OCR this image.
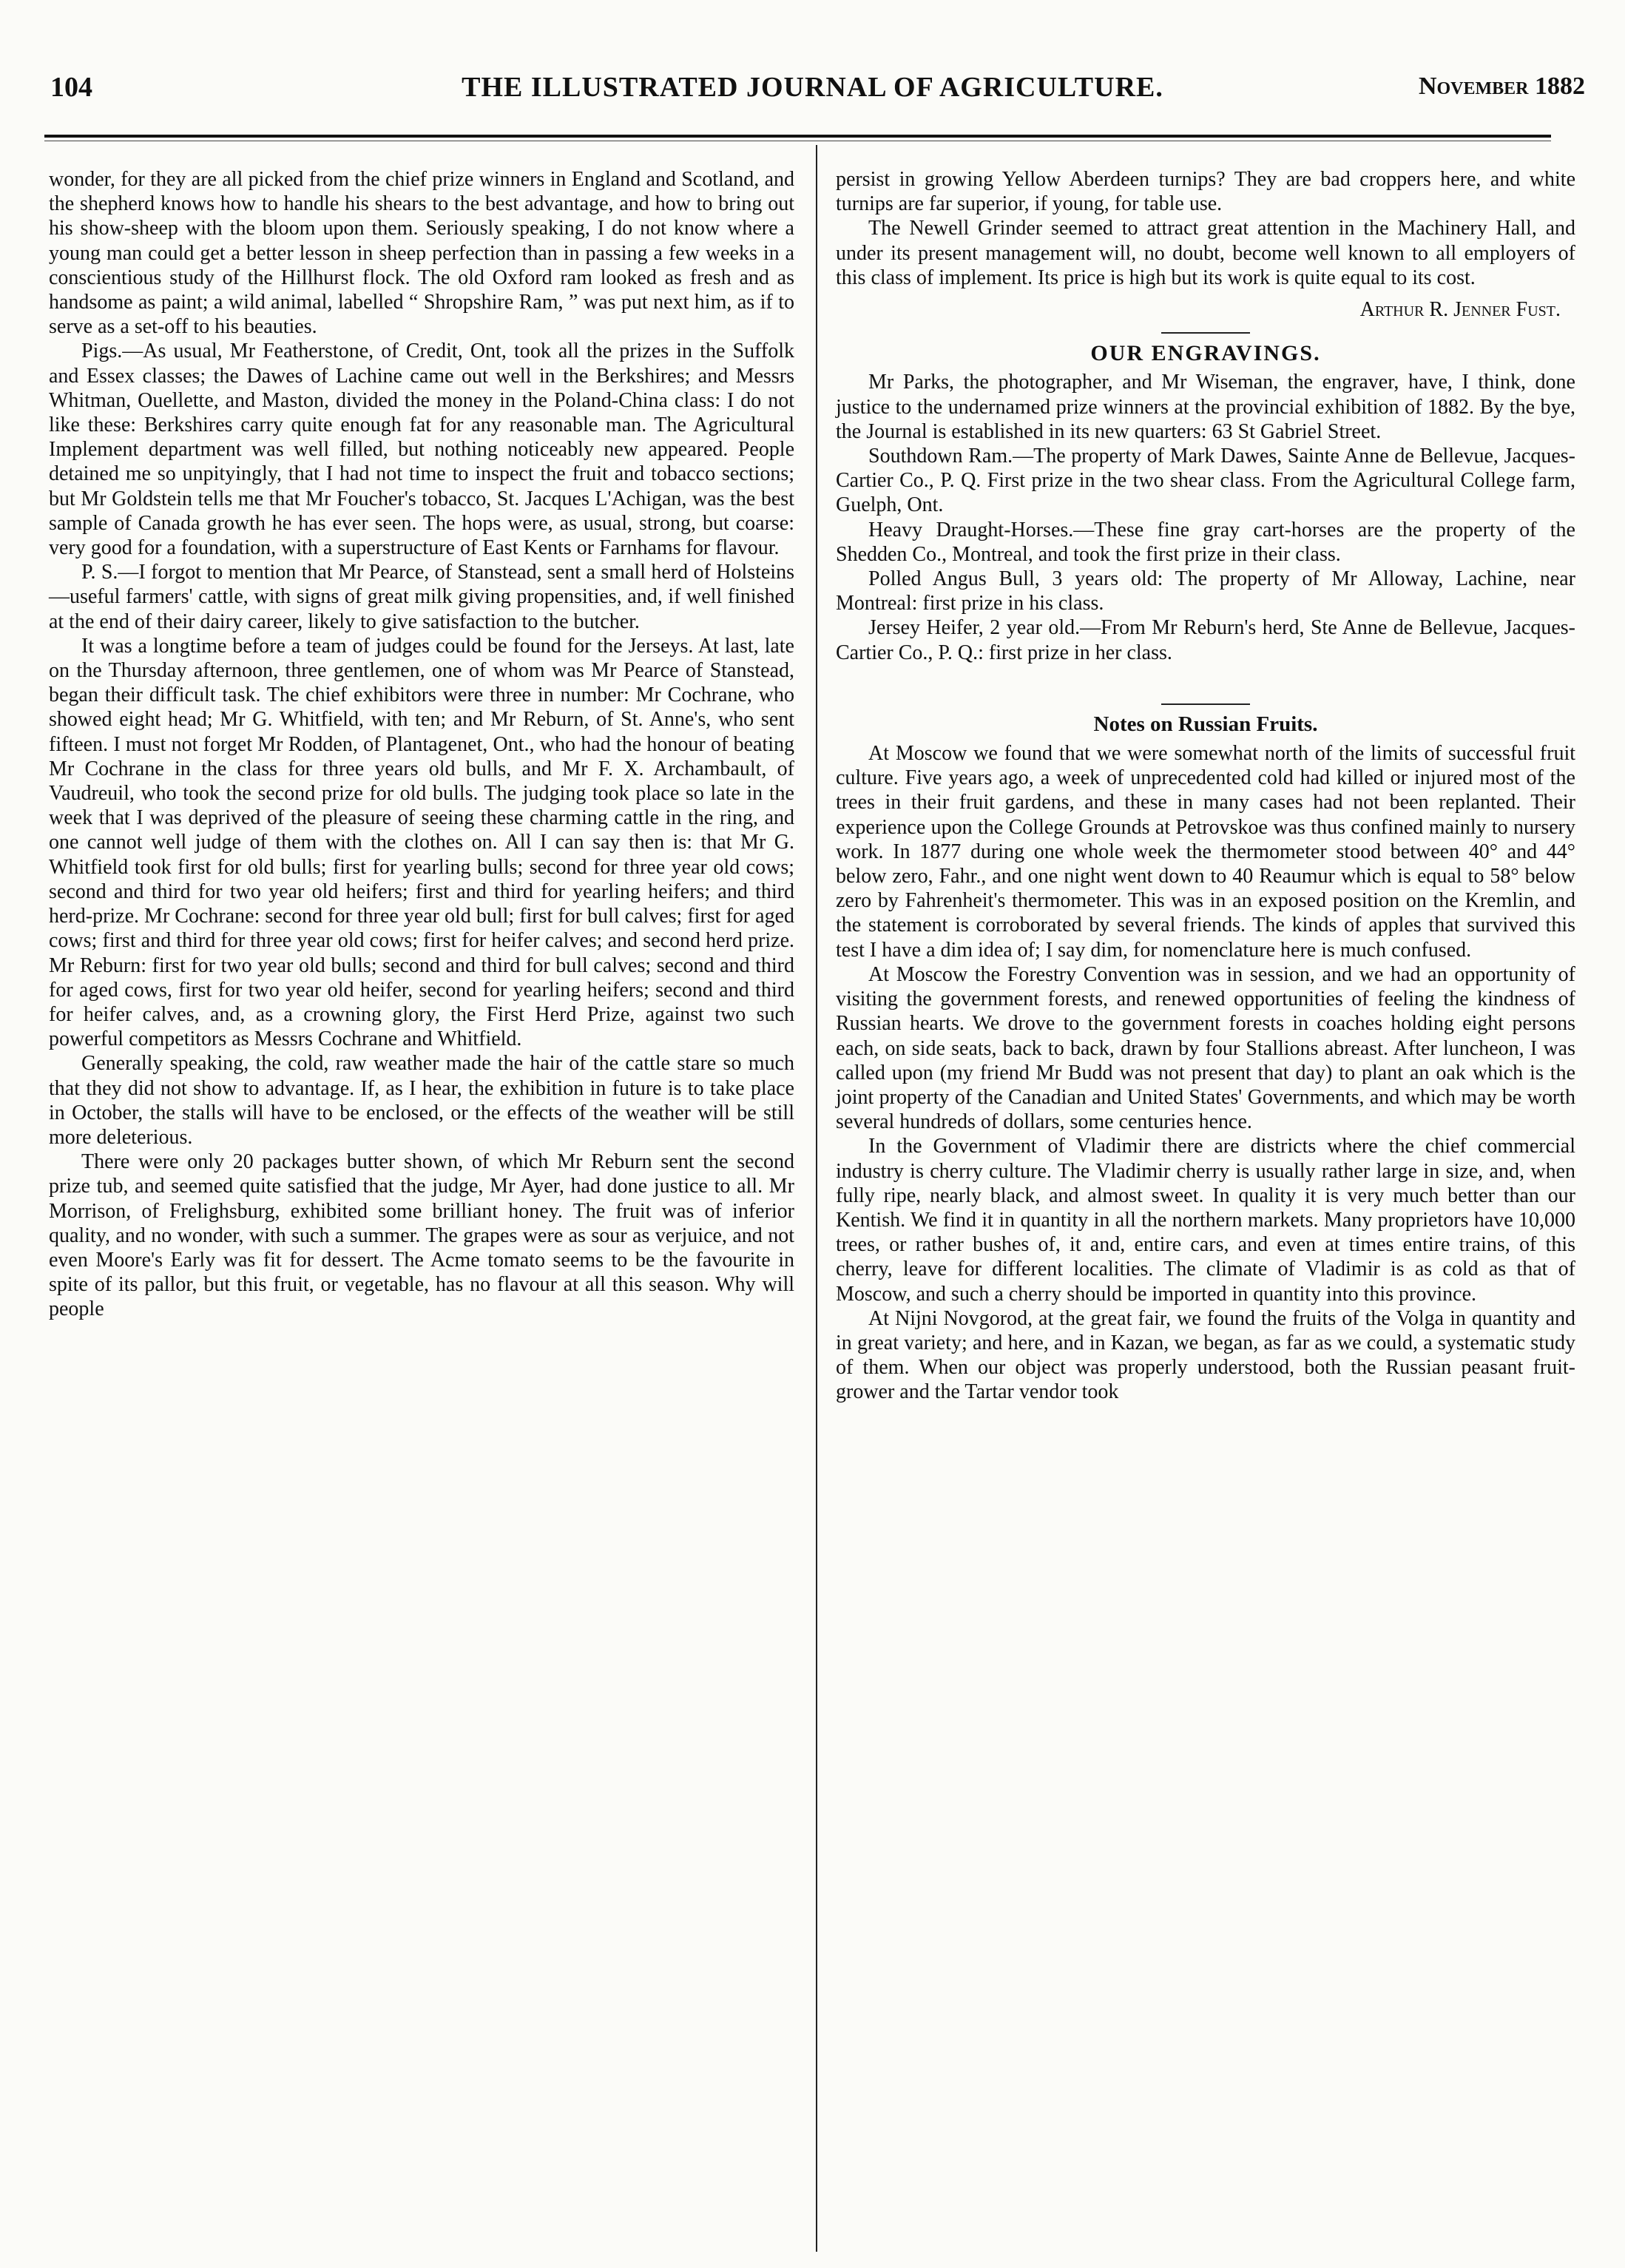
104	THE ILLUSTRATED JOURNAL OF AGRICULTURE.	November 1882

wonder, for they are all picked from the chief prize winners in England and Scotland, and the shepherd knows how to handle his shears to the best advantage, and how to bring out his show-sheep with the bloom upon them. Seriously speaking, I do not know where a young man could get a better lesson in sheep perfection than in passing a few weeks in a conscientious study of the Hillhurst flock. The old Oxford ram looked as fresh and as handsome as paint; a wild animal, labelled “ Shropshire Ram, ” was put next him, as if to serve as a set-off to his beauties.

Pigs.—As usual, Mr Featherstone, of Credit, Ont, took all the prizes in the Suffolk and Essex classes; the Dawes of Lachine came out well in the Berkshires; and Messrs Whitman, Ouellette, and Maston, divided the money in the Poland-China class: I do not like these: Berkshires carry quite enough fat for any reasonable man. The Agricultural Implement department was well filled, but nothing noticeably new appeared. People detained me so unpityingly, that I had not time to inspect the fruit and tobacco sections; but Mr Goldstein tells me that Mr Foucher's tobacco, St. Jacques L'Achigan, was the best sample of Canada growth he has ever seen. The hops were, as usual, strong, but coarse: very good for a foundation, with a superstructure of East Kents or Farnhams for flavour.

P. S.—I forgot to mention that Mr Pearce, of Stanstead, sent a small herd of Holsteins—useful farmers' cattle, with signs of great milk giving propensities, and, if well finished at the end of their dairy career, likely to give satisfaction to the butcher.

It was a longtime before a team of judges could be found for the Jerseys. At last, late on the Thursday afternoon, three gentlemen, one of whom was Mr Pearce of Stanstead, began their difficult task. The chief exhibitors were three in number: Mr Cochrane, who showed eight head; Mr G. Whitfield, with ten; and Mr Reburn, of St. Anne's, who sent fifteen. I must not forget Mr Rodden, of Plantagenet, Ont., who had the honour of beating Mr Cochrane in the class for three years old bulls, and Mr F. X. Archambault, of Vaudreuil, who took the second prize for old bulls. The judging took place so late in the week that I was deprived of the pleasure of seeing these charming cattle in the ring, and one cannot well judge of them with the clothes on. All I can say then is: that Mr G. Whitfield took first for old bulls; first for yearling bulls; second for three year old cows; second and third for two year old heifers; first and third for yearling heifers; and third herd-prize. Mr Cochrane: second for three year old bull; first for bull calves; first for aged cows; first and third for three year old cows; first for heifer calves; and second herd prize. Mr Reburn: first for two year old bulls; second and third for bull calves; second and third for aged cows, first for two year old heifer, second for yearling heifers; second and third for heifer calves, and, as a crowning glory, the First Herd Prize, against two such powerful competitors as Messrs Cochrane and Whitfield.

Generally speaking, the cold, raw weather made the hair of the cattle stare so much that they did not show to advantage. If, as I hear, the exhibition in future is to take place in October, the stalls will have to be enclosed, or the effects of the weather will be still more deleterious.

There were only 20 packages butter shown, of which Mr Reburn sent the second prize tub, and seemed quite satisfied that the judge, Mr Ayer, had done justice to all. Mr Morrison, of Frelighsburg, exhibited some brilliant honey. The fruit was of inferior quality, and no wonder, with such a summer. The grapes were as sour as verjuice, and not even Moore's Early was fit for dessert. The Acme tomato seems to be the favourite in spite of its pallor, but this fruit, or vegetable, has no flavour at all this season. Why will people

persist in growing Yellow Aberdeen turnips? They are bad croppers here, and white turnips are far superior, if young, for table use.

The Newell Grinder seemed to attract great attention in the Machinery Hall, and under its present management will, no doubt, become well known to all employers of this class of implement. Its price is high but its work is quite equal to its cost.

Arthur R. Jenner Fust.
OUR ENGRAVINGS.

Mr Parks, the photographer, and Mr Wiseman, the engraver, have, I think, done justice to the undernamed prize winners at the provincial exhibition of 1882. By the bye, the Journal is established in its new quarters: 63 St Gabriel Street.

Southdown Ram.—The property of Mark Dawes, Sainte Anne de Bellevue, Jacques-Cartier Co., P. Q. First prize in the two shear class. From the Agricultural College farm, Guelph, Ont.

Heavy Draught-Horses.—These fine gray cart-horses are the property of the Shedden Co., Montreal, and took the first prize in their class.

Polled Angus Bull, 3 years old: The property of Mr Alloway, Lachine, near Montreal: first prize in his class.

Jersey Heifer, 2 year old.—From Mr Reburn's herd, Ste Anne de Bellevue, Jacques-Cartier Co., P. Q.: first prize in her class.

Notes on Russian Fruits.

At Moscow we found that we were somewhat north of the limits of successful fruit culture. Five years ago, a week of unprecedented cold had killed or injured most of the trees in their fruit gardens, and these in many cases had not been replanted. Their experience upon the College Grounds at Petrovskoe was thus confined mainly to nursery work. In 1877 during one whole week the thermometer stood between 40° and 44° below zero, Fahr., and one night went down to 40 Reaumur which is equal to 58° below zero by Fahrenheit's thermometer. This was in an exposed position on the Kremlin, and the statement is corroborated by several friends. The kinds of apples that survived this test I have a dim idea of; I say dim, for nomenclature here is much confused.

At Moscow the Forestry Convention was in session, and we had an opportunity of visiting the government forests, and renewed opportunities of feeling the kindness of Russian hearts. We drove to the government forests in coaches holding eight persons each, on side seats, back to back, drawn by four Stallions abreast. After luncheon, I was called upon (my friend Mr Budd was not present that day) to plant an oak which is the joint property of the Canadian and United States' Governments, and which may be worth several hundreds of dollars, some centuries hence.

In the Government of Vladimir there are districts where the chief commercial industry is cherry culture. The Vladimir cherry is usually rather large in size, and, when fully ripe, nearly black, and almost sweet. In quality it is very much better than our Kentish. We find it in quantity in all the northern markets. Many proprietors have 10,000 trees, or rather bushes of, it and, entire cars, and even at times entire trains, of this cherry, leave for different localities. The climate of Vladimir is as cold as that of Moscow, and such a cherry should be imported in quantity into this province.

At Nijni Novgorod, at the great fair, we found the fruits of the Volga in quantity and in great variety; and here, and in Kazan, we began, as far as we could, a systematic study of them. When our object was properly understood, both the Russian peasant fruit-grower and the Tartar vendor took
